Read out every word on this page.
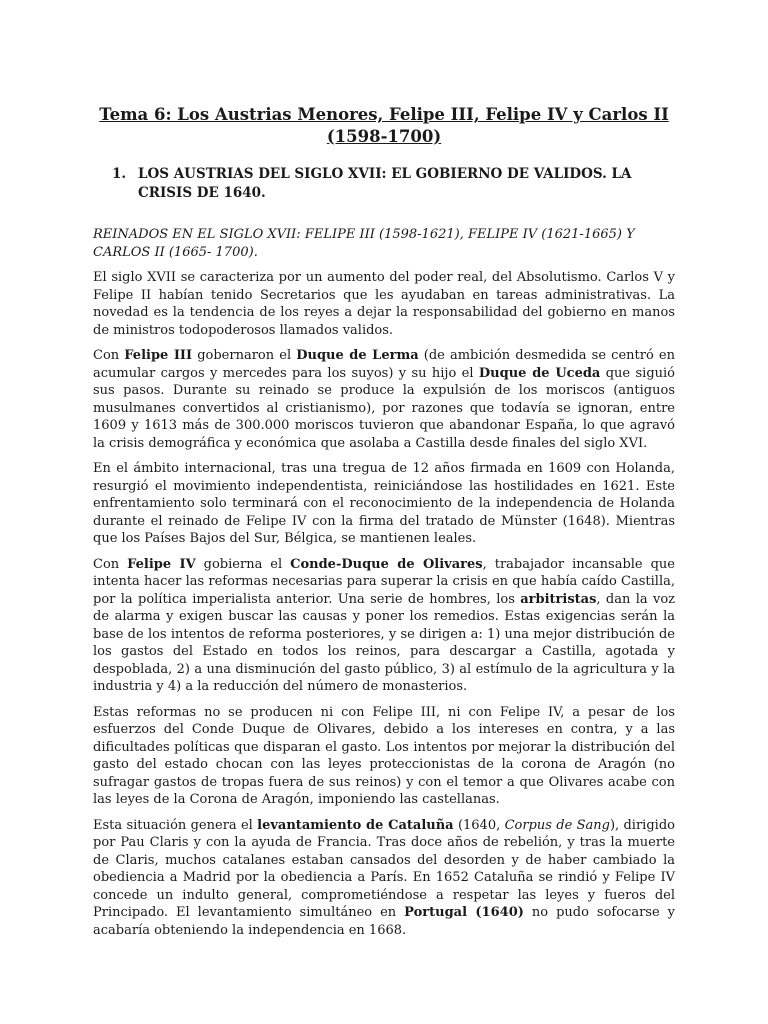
Tema 6: Los Austrias Menores, Felipe III, Felipe IV y Carlos II
(1598-1700)
1. LOS AUSTRIAS DEL SIGLO XVII: EL GOBIERNO DE VALIDOS. LA CRISIS DE 1640.

REINADOS EN EL SIGLO XVII: FELIPE III (1598-1621), FELIPE IV (1621-1665) Y CARLOS II (1665- 1700).

El siglo XVII se caracteriza por un aumento del poder real, del Absolutismo. Carlos V y Felipe II habían tenido Secretarios que les ayudaban en tareas administrativas. La novedad es la tendencia de los reyes a dejar la responsabilidad del gobierno en manos de ministros todopoderosos llamados validos.

Con Felipe III gobernaron el Duque de Lerma (de ambición desmedida se centró en acumular cargos y mercedes para los suyos) y su hijo el Duque de Uceda que siguió sus pasos. Durante su reinado se produce la expulsión de los moriscos (antiguos musulmanes convertidos al cristianismo), por razones que todavía se ignoran, entre 1609 y 1613 más de 300.000 moriscos tuvieron que abandonar España, lo que agravó la crisis demográfica y económica que asolaba a Castilla desde finales del siglo XVI.

En el ámbito internacional, tras una tregua de 12 años firmada en 1609 con Holanda, resurgió el movimiento independentista, reiniciándose las hostilidades en 1621. Este enfrentamiento solo terminará con el reconocimiento de la independencia de Holanda durante el reinado de Felipe IV con la firma del tratado de Münster (1648). Mientras que los Países Bajos del Sur, Bélgica, se mantienen leales.

Con Felipe IV gobierna el Conde-Duque de Olivares, trabajador incansable que intenta hacer las reformas necesarias para superar la crisis en que había caído Castilla, por la política imperialista anterior. Una serie de hombres, los arbitristas, dan la voz de alarma y exigen buscar las causas y poner los remedios. Estas exigencias serán la base de los intentos de reforma posteriores, y se dirigen a: 1) una mejor distribución de los gastos del Estado en todos los reinos, para descargar a Castilla, agotada y despoblada, 2) a una disminución del gasto público, 3) al estímulo de la agricultura y la industria y 4) a la reducción del número de monasterios.

Estas reformas no se producen ni con Felipe III, ni con Felipe IV, a pesar de los esfuerzos del Conde Duque de Olivares, debido a los intereses en contra, y a las dificultades políticas que disparan el gasto. Los intentos por mejorar la distribución del gasto del estado chocan con las leyes proteccionistas de la corona de Aragón (no sufragar gastos de tropas fuera de sus reinos) y con el temor a que Olivares acabe con las leyes de la Corona de Aragón, imponiendo las castellanas.

Esta situación genera el levantamiento de Cataluña (1640, Corpus de Sang), dirigido por Pau Claris y con la ayuda de Francia. Tras doce años de rebelión, y tras la muerte de Claris, muchos catalanes estaban cansados del desorden y de haber cambiado la obediencia a Madrid por la obediencia a París. En 1652 Cataluña se rindió y Felipe IV concede un indulto general, comprometiéndose a respetar las leyes y fueros del Principado. El levantamiento simultáneo en Portugal (1640) no pudo sofocarse y acabaría obteniendo la independencia en 1668.
